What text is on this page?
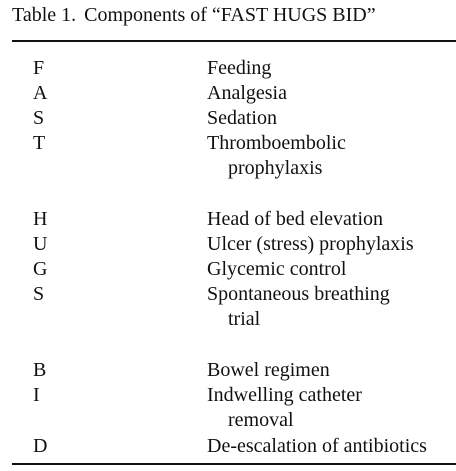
Table 1. Components of “FAST HUGS BID”
F	Feeding
A	Analgesia
S	Sedation
T	Thromboembolic
prophylaxis
H	Head of bed elevation
U	Ulcer (stress) prophylaxis
G	Glycemic control
S	Spontaneous breathing
trial
B	Bowel regimen
I	Indwelling catheter
removal
D	De-escalation of antibiotics
